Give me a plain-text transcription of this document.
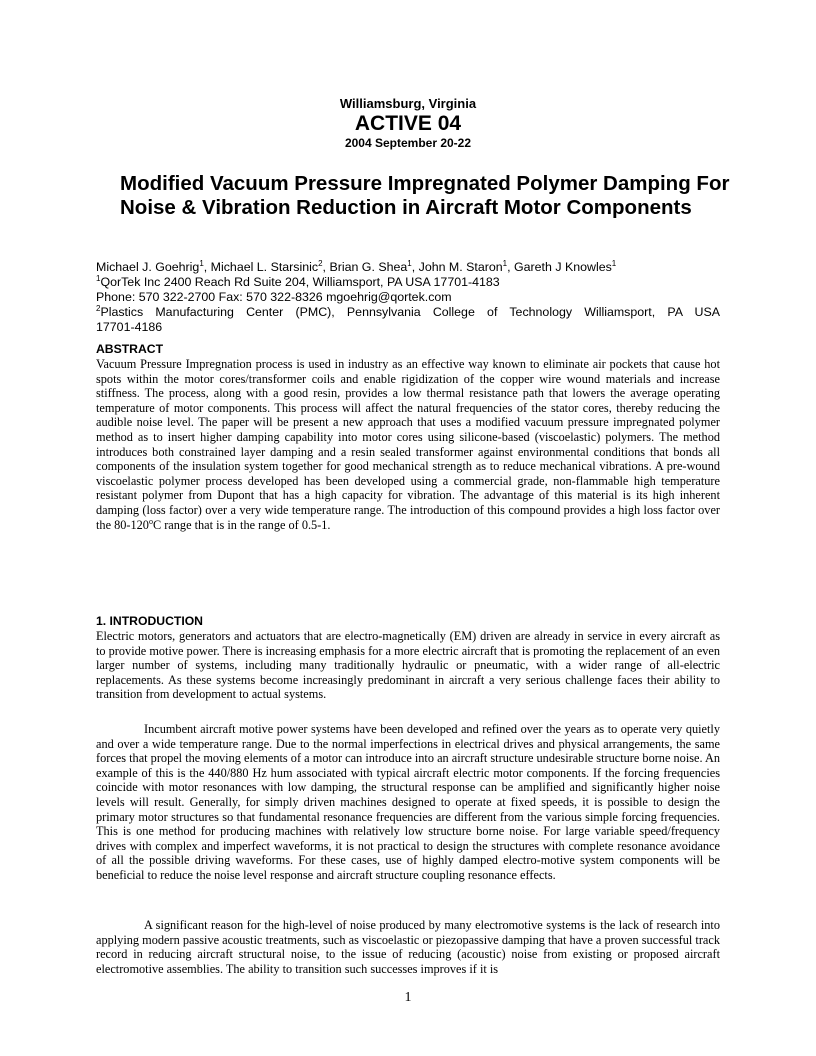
Williamsburg, Virginia
ACTIVE 04
2004 September 20-22
Modified Vacuum Pressure Impregnated Polymer Damping For Noise & Vibration Reduction in Aircraft Motor Components
Michael J. Goehrig$^1$, Michael L. Starsinic$^2$, Brian G. Shea$^1$, John M. Staron$^1$, Gareth J Knowles$^1$
$^1$QorTek Inc 2400 Reach Rd Suite 204, Williamsport, PA USA 17701-4183
Phone: 570 322-2700 Fax: 570 322-8326 mgoehrig@qortek.com
$^2$Plastics Manufacturing Center (PMC), Pennsylvania College of Technology Williamsport, PA USA
17701-4186
ABSTRACT

Vacuum Pressure Impregnation process is used in industry as an effective way known to eliminate air pockets that cause hot spots within the motor cores/transformer coils and enable rigidization of the copper wire wound materials and increase stiffness. The process, along with a good resin, provides a low thermal resistance path that lowers the average operating temperature of motor components. This process will affect the natural frequencies of the stator cores, thereby reducing the audible noise level. The paper will be present a new approach that uses a modified vacuum pressure impregnated polymer method as to insert higher damping capability into motor cores using silicone-based (viscoelastic) polymers. The method introduces both constrained layer damping and a resin sealed transformer against environmental conditions that bonds all components of the insulation system together for good mechanical strength as to reduce mechanical vibrations. A pre-wound viscoelastic polymer process developed has been developed using a commercial grade, non-flammable high temperature resistant polymer from Dupont that has a high capacity for vibration. The advantage of this material is its high inherent damping (loss factor) over a very wide temperature range. The introduction of this compound provides a high loss factor over the 80-120$^o$C range that is in the range of 0.5-1.

1. INTRODUCTION

Electric motors, generators and actuators that are electro-magnetically (EM) driven are already in service in every aircraft as to provide motive power. There is increasing emphasis for a more electric aircraft that is promoting the replacement of an even larger number of systems, including many traditionally hydraulic or pneumatic, with a wider range of all-electric replacements. As these systems become increasingly predominant in aircraft a very serious challenge faces their ability to transition from development to actual systems.

Incumbent aircraft motive power systems have been developed and refined over the years as to operate very quietly and over a wide temperature range. Due to the normal imperfections in electrical drives and physical arrangements, the same forces that propel the moving elements of a motor can introduce into an aircraft structure undesirable structure borne noise. An example of this is the 440/880 Hz hum associated with typical aircraft electric motor components. If the forcing frequencies coincide with motor resonances with low damping, the structural response can be amplified and significantly higher noise levels will result. Generally, for simply driven machines designed to operate at fixed speeds, it is possible to design the primary motor structures so that fundamental resonance frequencies are different from the various simple forcing frequencies. This is one method for producing machines with relatively low structure borne noise. For large variable speed/frequency drives with complex and imperfect waveforms, it is not practical to design the structures with complete resonance avoidance of all the possible driving waveforms. For these cases, use of highly damped electro-motive system components will be beneficial to reduce the noise level response and aircraft structure coupling resonance effects.

A significant reason for the high-level of noise produced by many electromotive systems is the lack of research into applying modern passive acoustic treatments, such as viscoelastic or piezopassive damping that have a proven successful track record in reducing aircraft structural noise, to the issue of reducing (acoustic) noise from existing or proposed aircraft electromotive assemblies. The ability to transition such successes improves if it is

1
